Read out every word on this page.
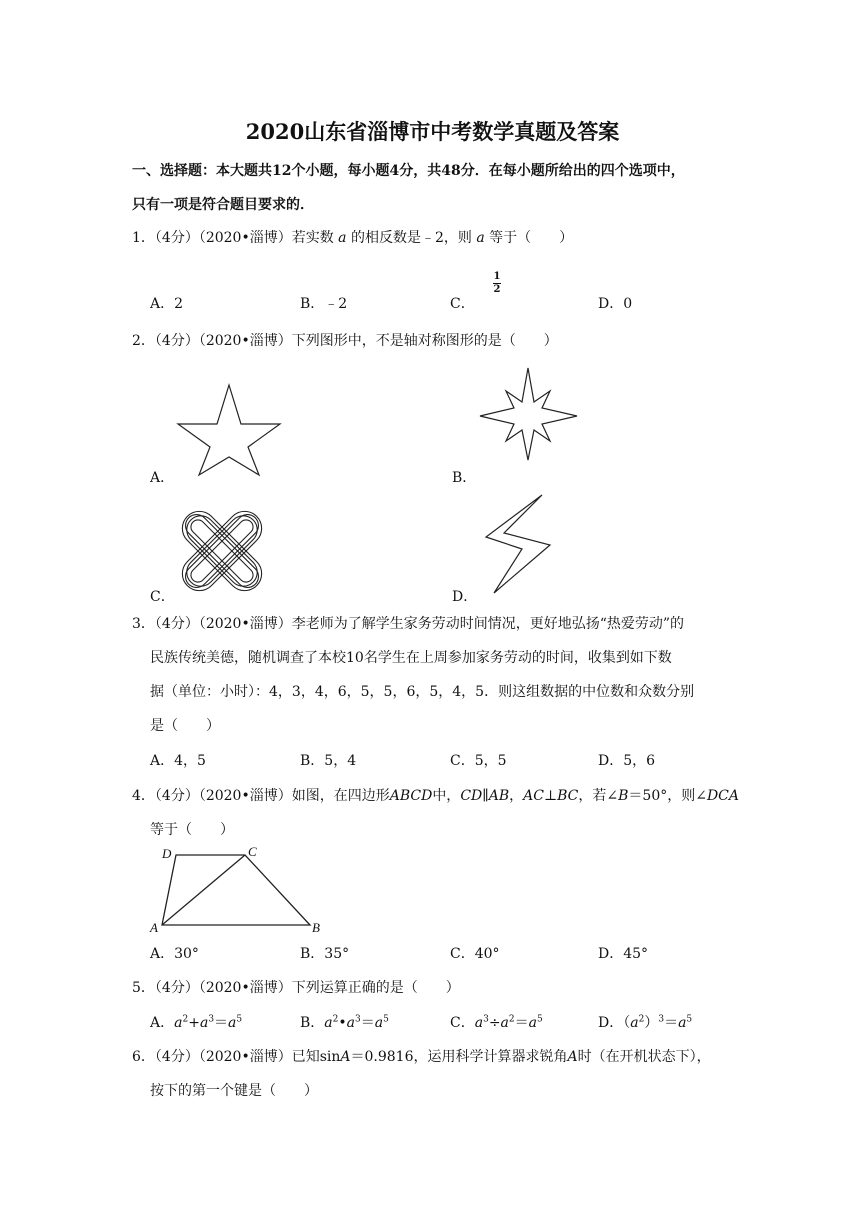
2020山东省淄博市中考数学真题及答案
一、选择题：本大题共12个小题，每小题4分，共48分．在每小题所给出的四个选项中，
只有一项是符合题目要求的．
1．（4分）（2020•淄博）若实数 a 的相反数是﹣2，则 a 等于（　　）
A．2	B．﹣2	C．
1
2
D．0
2．（4分）（2020•淄博）下列图形中，不是轴对称图形的是（　　）
A．	B．
C．	D．
3．（4分）（2020•淄博）李老师为了解学生家务劳动时间情况，更好地弘扬“热爱劳动”的
民族传统美德，随机调查了本校10名学生在上周参加家务劳动的时间，收集到如下数
据（单位：小时）：4，3，4，6，5，5，6，5，4，5．则这组数据的中位数和众数分别
是（　　）
A．4，5	B．5，4	C．5，5	D．5，6
4．（4分）（2020•淄博）如图，在四边形ABCD中，CD∥AB，AC⊥BC，若∠B＝50°，则∠DCA
等于（　　）
D	C
A	B
A．30°	B．35°	C．40°	D．45°
5．（4分）（2020•淄博）下列运算正确的是（　　）
A．$a^2+a^3=a^5$	B．$a^2•a^3=a^5$	C．$a^3\div a^2=a^5$	D．$(a^2)^3=a^5$
6．（4分）（2020•淄博）已知sinA＝0.9816，运用科学计算器求锐角A时（在开机状态下），
按下的第一个键是（　　）
